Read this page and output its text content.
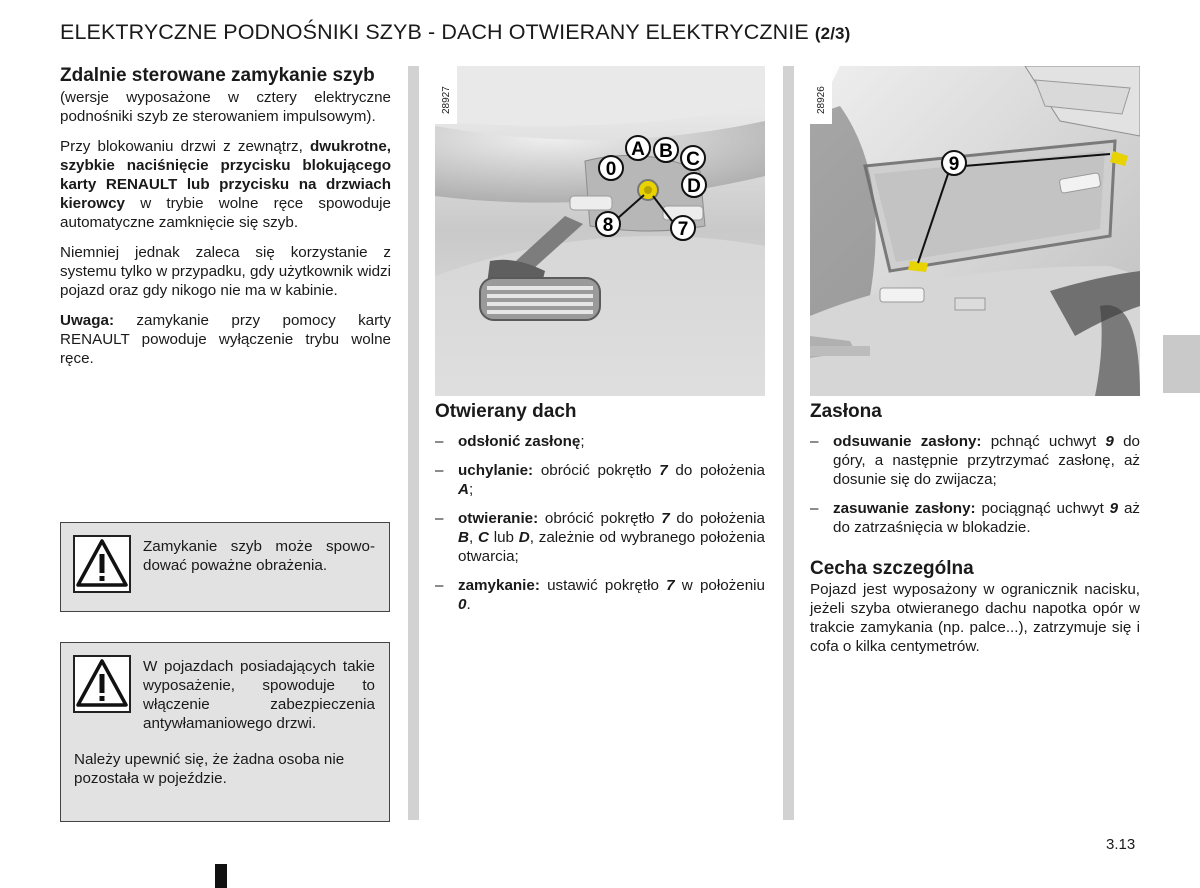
ELEKTRYCZNE PODNOŚNIKI SZYB - DACH OTWIERANY ELEKTRYCZNIE (2/3)
Zdalnie sterowane zamykanie szyb

(wersje wyposażone w cztery elektryczne podnośniki szyb ze sterowaniem impulsowym).

Przy blokowaniu drzwi z zewnątrz, dwukrotne, szybkie naciśnięcie przycisku blokującego karty RENAULT lub przycisku na drzwiach kierowcy w trybie wolne ręce spowoduje automatyczne zamknięcie się szyb.

Niemniej jednak zaleca się korzystanie z systemu tylko w przypadku, gdy użytkownik widzi pojazd oraz gdy nikogo nie ma w kabinie.

Uwaga: zamykanie przy pomocy karty RENAULT powoduje wyłączenie trybu wolne ręce.

Zamykanie szyb może spowodować poważne obrażenia.
W pojazdach posiadających takie wyposażenie, spowoduje to włączenie zabezpieczenia antywłamaniowego drzwi.
Należy upewnić się, że żadna osoba nie pozostała w pojeździe.
0
A B C
D
8	7
28927
9
28926
Otwierany dach
– odsłonić zasłonę;
– uchylanie: obrócić pokrętło 7 do położenia A;
– otwieranie: obrócić pokrętło 7 do położenia B, C lub D, zależnie od wybranego położenia otwarcia;
– zamykanie: ustawić pokrętło 7 w położeniu 0.
Zasłona
– odsuwanie zasłony: pchnąć uchwyt 9 do góry, a następnie przytrzymać zasłonę, aż dosunie się do zwijacza;
– zasuwanie zasłony: pociągnąć uchwyt 9 aż do zatrzaśnięcia w blokadzie.
Cecha szczególna

Pojazd jest wyposażony w ogranicznik nacisku, jeżeli szyba otwieranego dachu napotka opór w trakcie zamykania (np. palce...), zatrzymuje się i cofa o kilka centymetrów.

3.13
